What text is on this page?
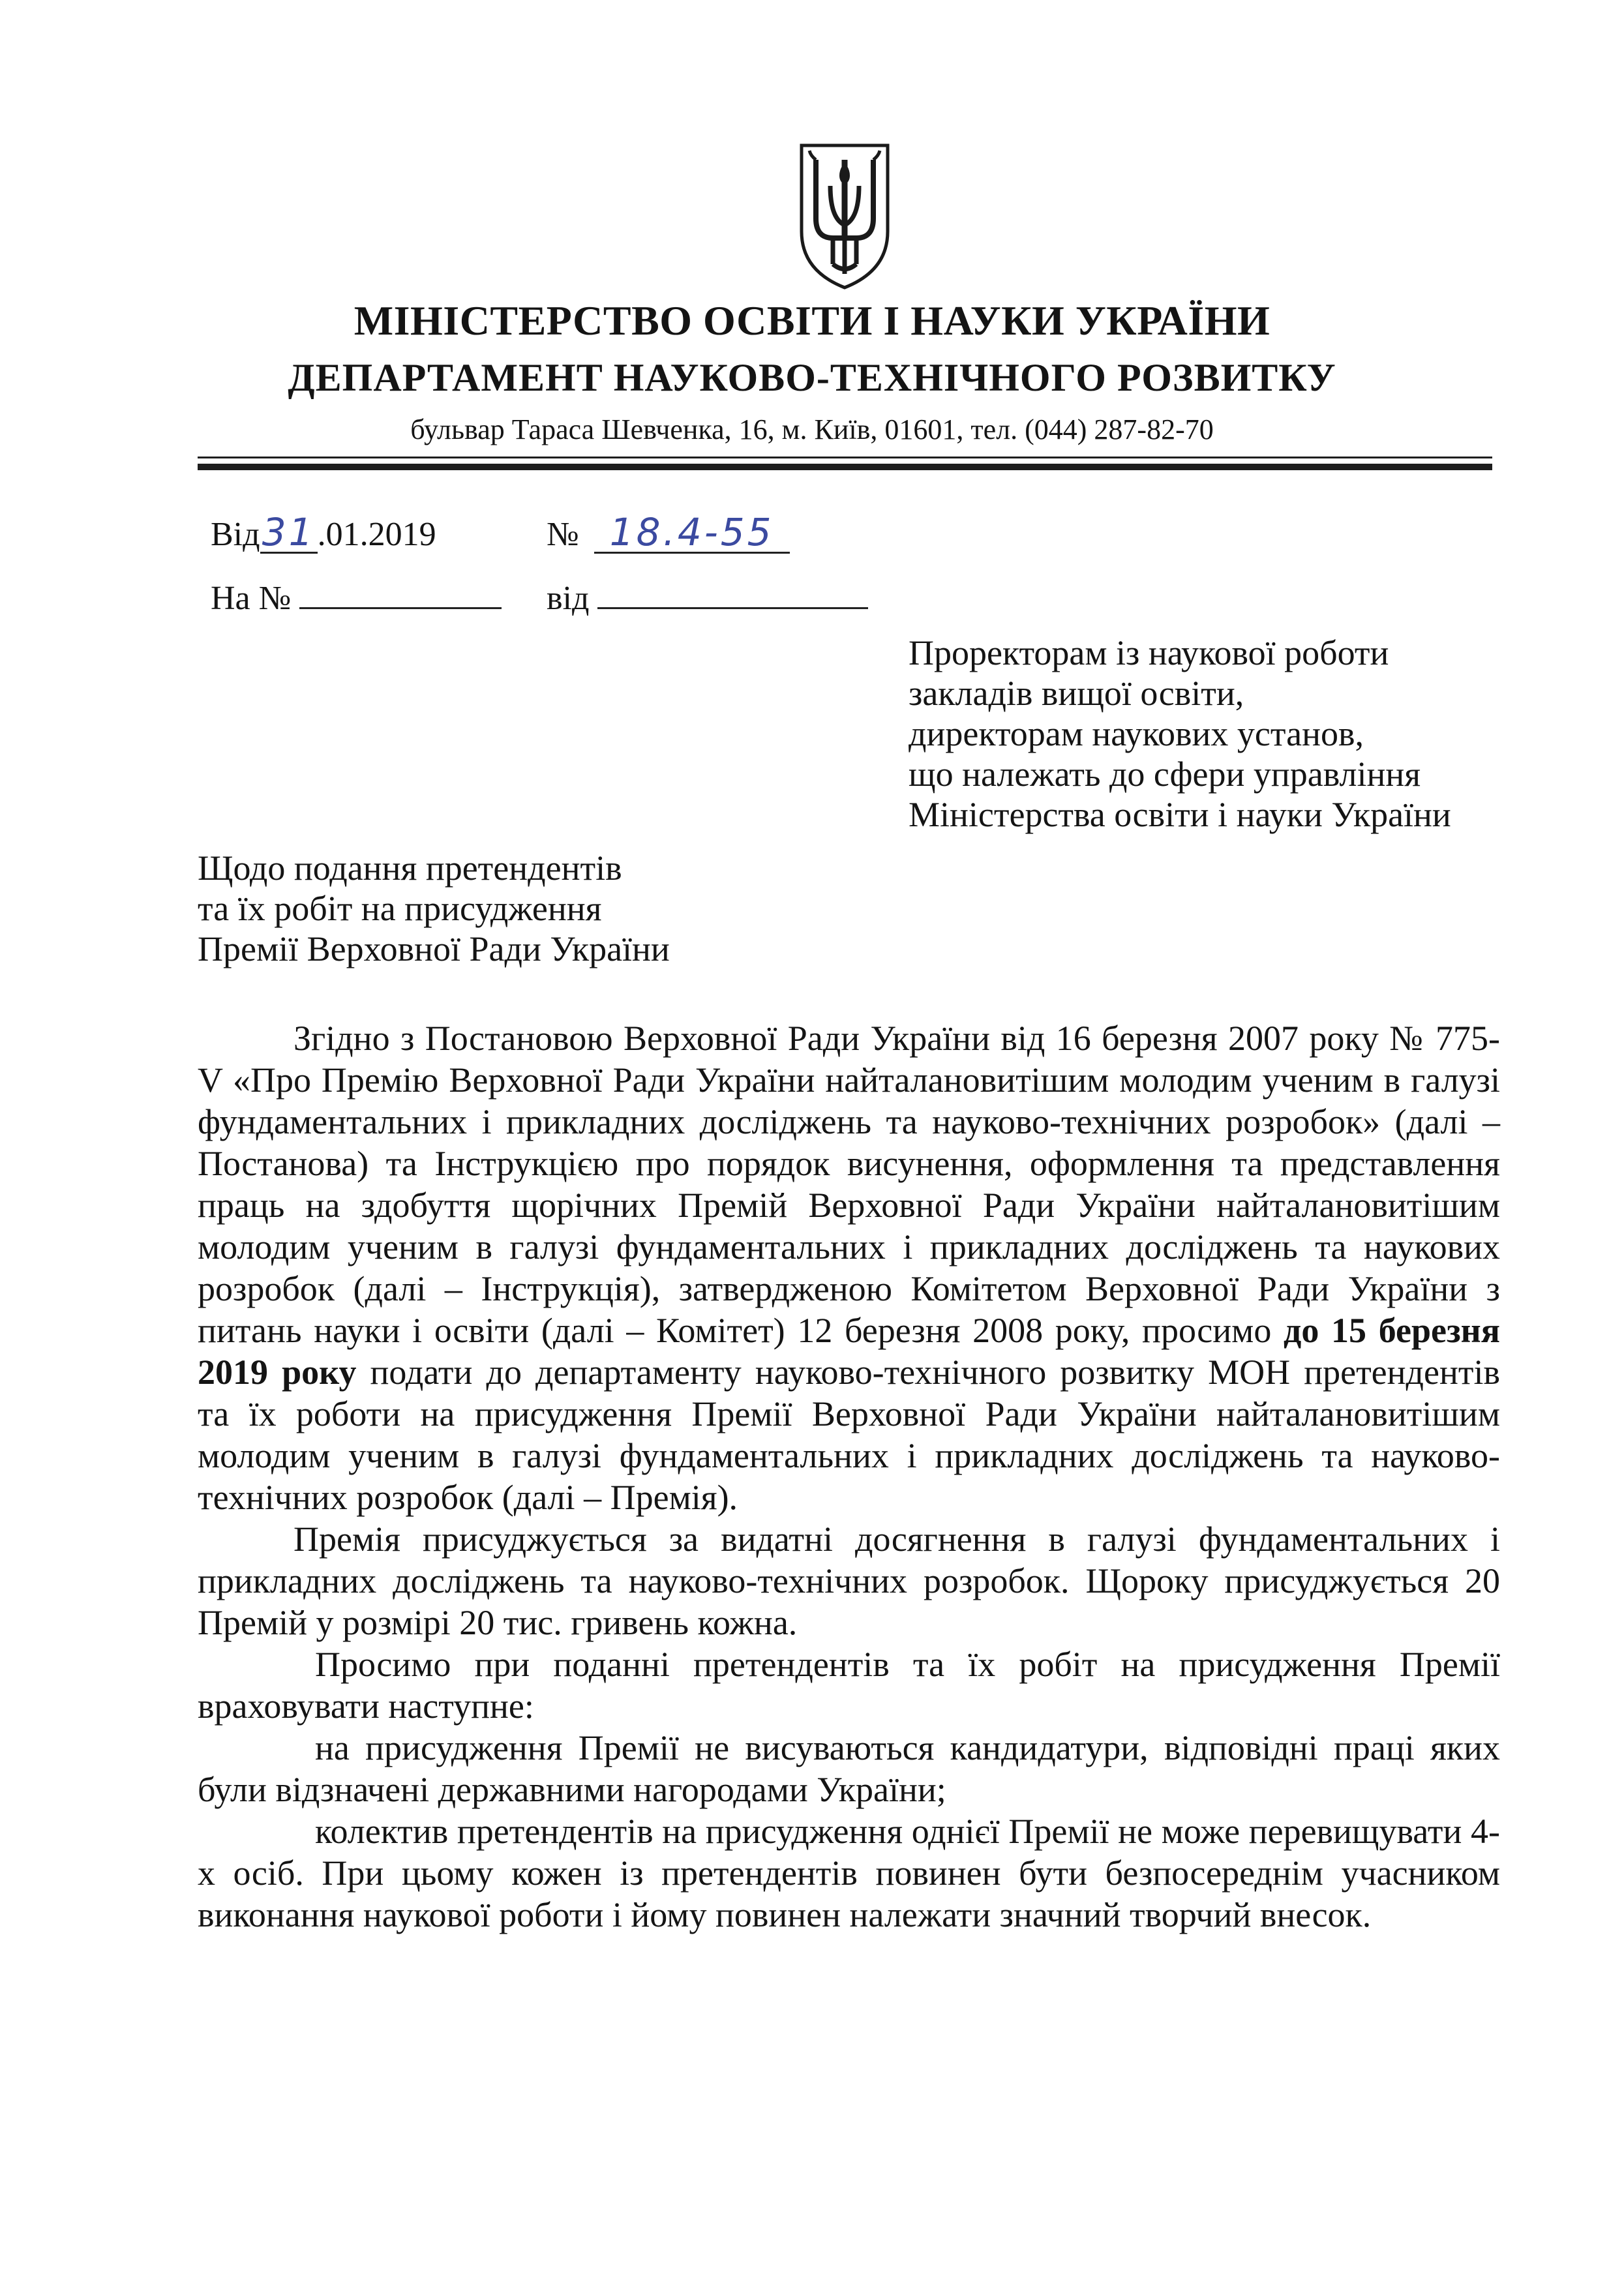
МІНІСТЕРСТВО ОСВІТИ І НАУКИ УКРАЇНИ
ДЕПАРТАМЕНТ НАУКОВО-ТЕХНІЧНОГО РОЗВИТКУ
бульвар Тараса Шевченка, 16, м. Київ, 01601, тел. (044) 287-82-70
Від31.01.2019	№ 18.4-55
На №	від
Проректорам із наукової роботи
закладів вищої освіти,
директорам наукових установ,
що належать до сфери управління
Міністерства освіти і науки України
Щодо подання претендентів
та їх робіт на присудження
Премії Верховної Ради України

Згідно з Постановою Верховної Ради України від 16 березня 2007 року № 775-V «Про Премію Верховної Ради України найталановитішим молодим ученим в галузі фундаментальних і прикладних досліджень та науково-технічних розробок» (далі – Постанова) та Інструкцією про порядок висунення, оформлення та представлення праць на здобуття щорічних Премій Верховної Ради України найталановитішим молодим ученим в галузі фундаментальних і прикладних досліджень та наукових розробок (далі – Інструкція), затвердженою Комітетом Верховної Ради України з питань науки і освіти (далі – Комітет) 12 березня 2008 року, просимо до 15 березня 2019 року подати до департаменту науково-технічного розвитку МОН претендентів та їх роботи на присудження Премії Верховної Ради України найталановитішим молодим ученим в галузі фундаментальних і прикладних досліджень та науково-технічних розробок (далі – Премія).

Премія присуджується за видатні досягнення в галузі фундаментальних і прикладних досліджень та науково-технічних розробок. Щороку присуджується 20 Премій у розмірі 20 тис. гривень кожна.

Просимо при поданні претендентів та їх робіт на присудження Премії враховувати наступне:

на присудження Премії не висуваються кандидатури, відповідні праці яких були відзначені державними нагородами України;

колектив претендентів на присудження однієї Премії не може перевищувати 4-х осіб. При цьому кожен із претендентів повинен бути безпосереднім учасником виконання наукової роботи і йому повинен належати значний творчий внесок.
